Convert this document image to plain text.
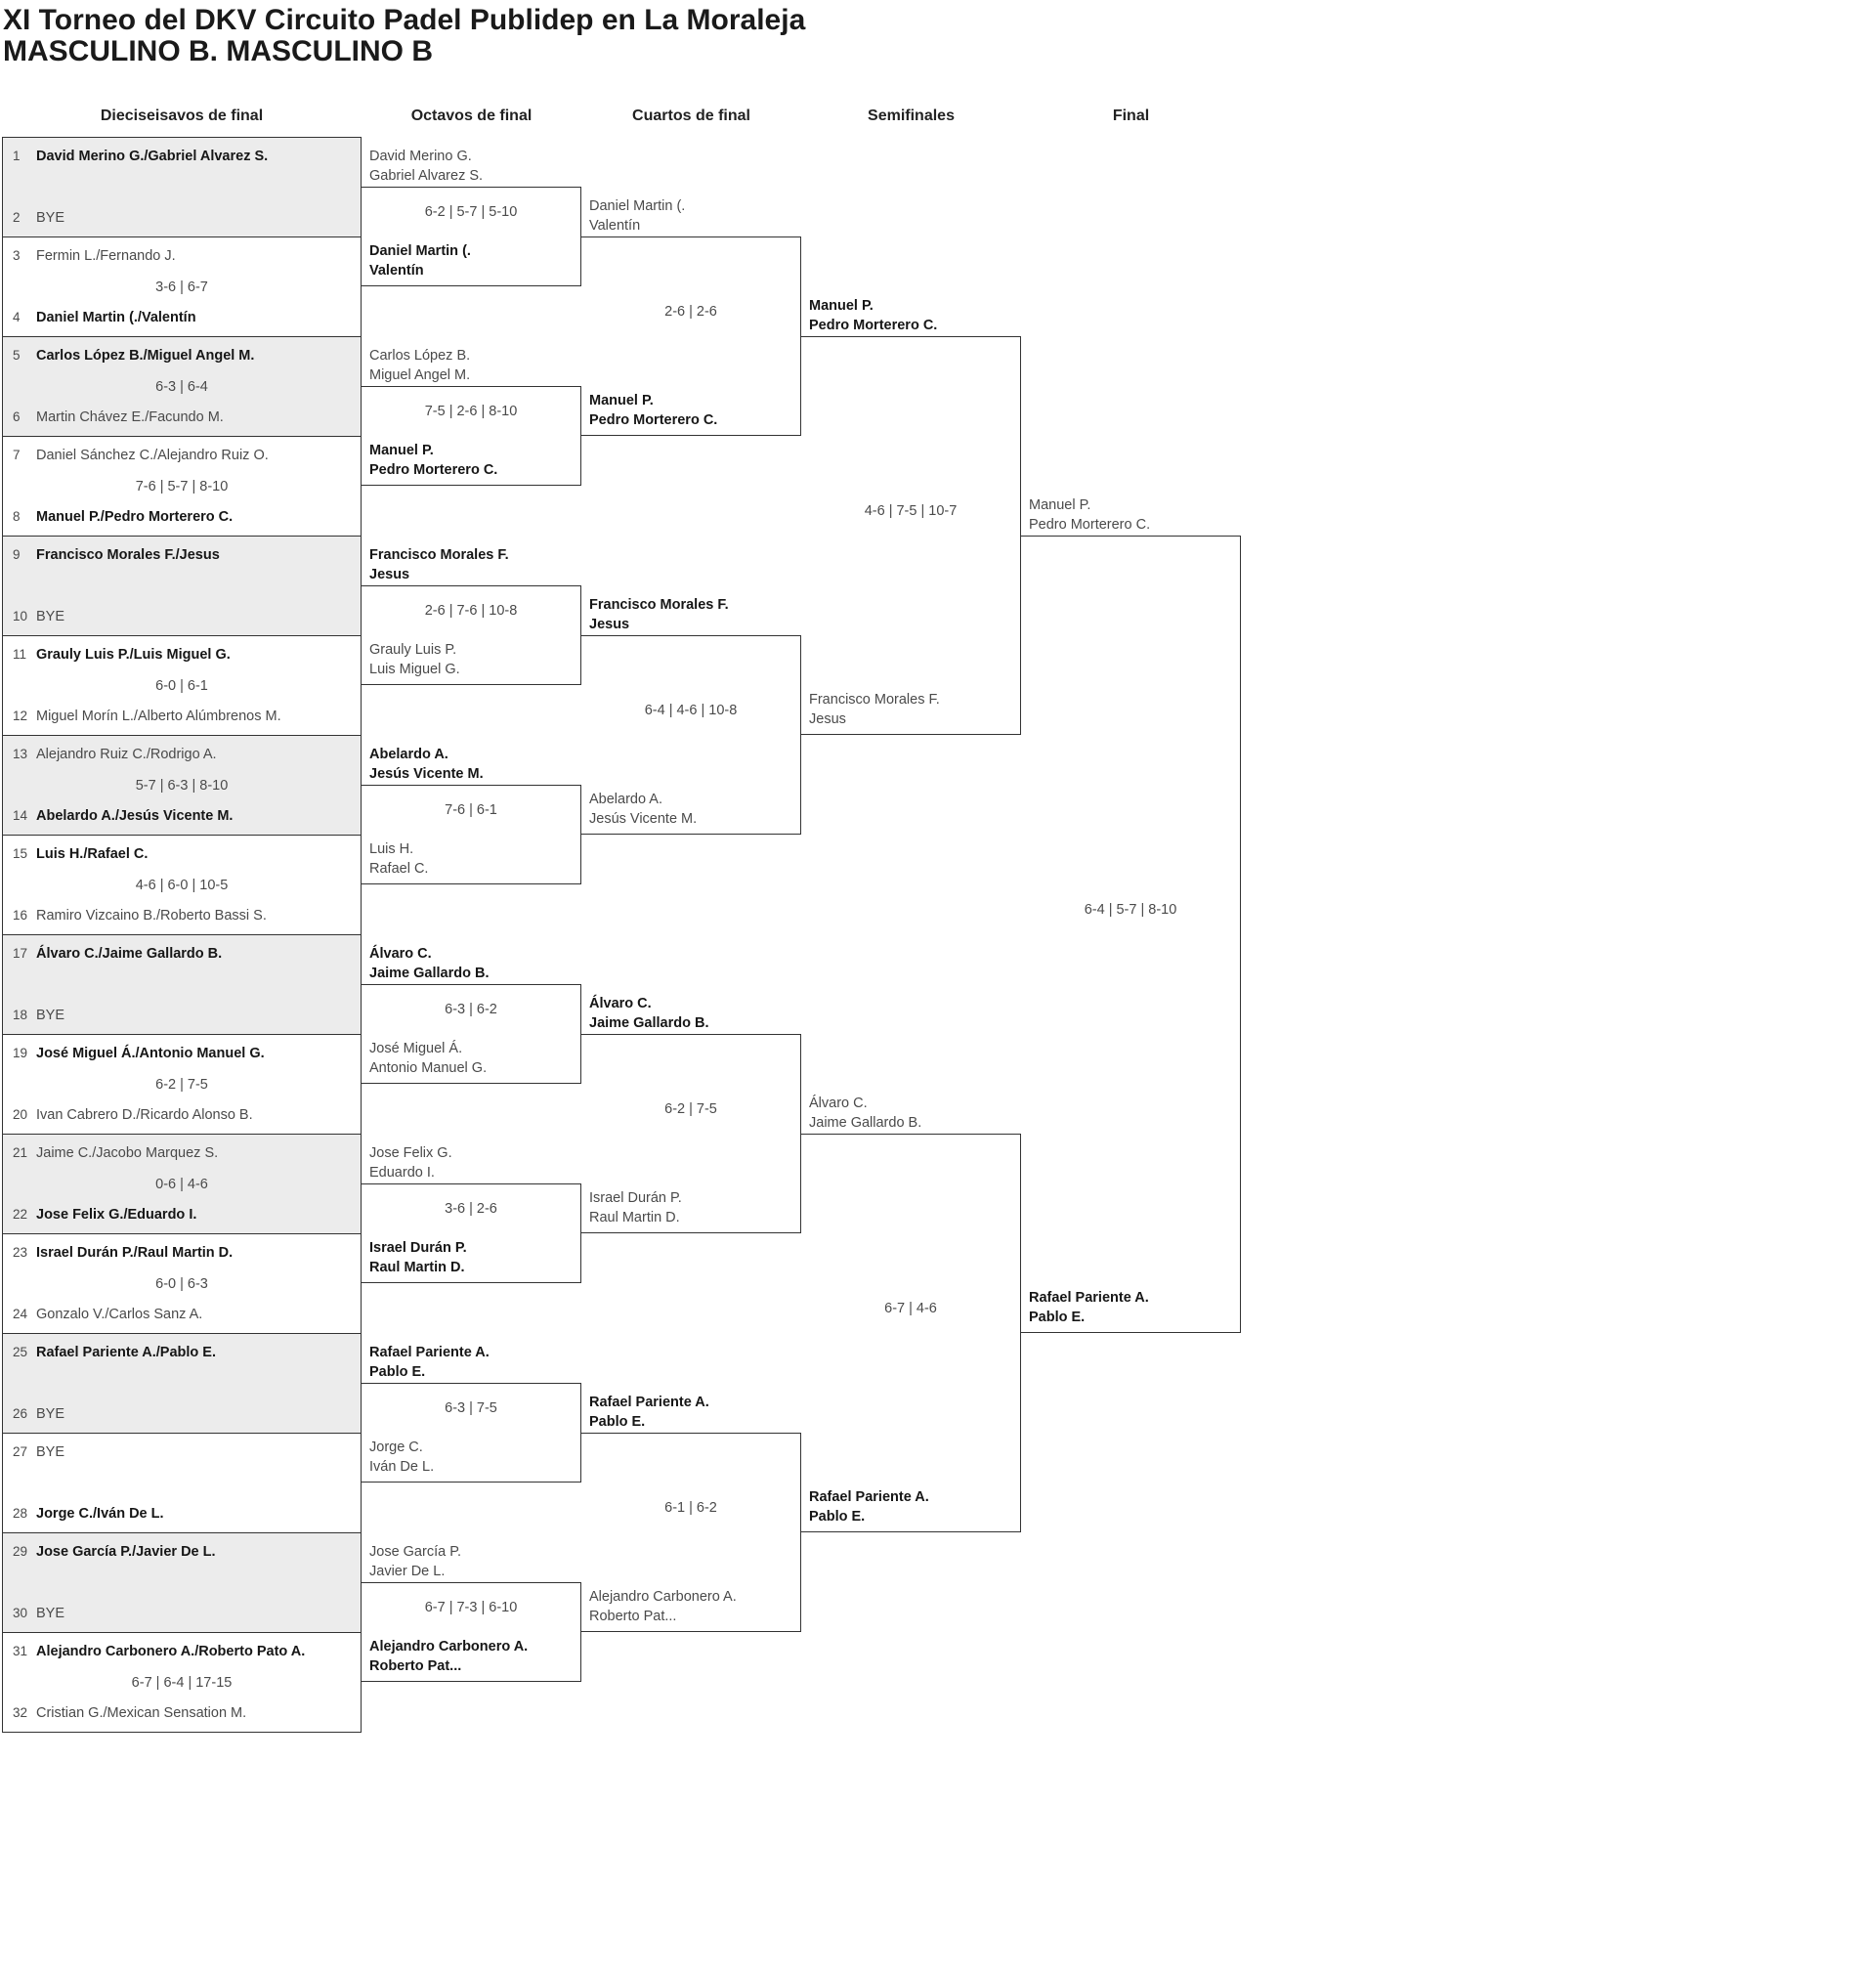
XI Torneo del DKV Circuito Padel Publidep en La Moraleja
MASCULINO B. MASCULINO B
Dieciseisavos de final	Octavos de final	Cuartos de final	Semifinales	Final
1 David Merino G./Gabriel Alvarez S.
2 BYE
3 Fermin L./Fernando J.
3-6 | 6-7
4 Daniel Martin (./Valentín
5 Carlos López B./Miguel Angel M.
6-3 | 6-4
6 Martin Chávez E./Facundo M.
7 Daniel Sánchez C./Alejandro Ruiz O.
7-6 | 5-7 | 8-10
8 Manuel P./Pedro Morterero C.
9 Francisco Morales F./Jesus
10 BYE
11 Grauly Luis P./Luis Miguel G.
6-0 | 6-1
12 Miguel Morín L./Alberto Alúmbrenos M.
13 Alejandro Ruiz C./Rodrigo A.
5-7 | 6-3 | 8-10
14 Abelardo A./Jesús Vicente M.
15 Luis H./Rafael C.
4-6 | 6-0 | 10-5
16 Ramiro Vizcaino B./Roberto Bassi S.
17 Álvaro C./Jaime Gallardo B.
18 BYE
19 José Miguel Á./Antonio Manuel G.
6-2 | 7-5
20 Ivan Cabrero D./Ricardo Alonso B.
21 Jaime C./Jacobo Marquez S.
0-6 | 4-6
22 Jose Felix G./Eduardo I.
23 Israel Durán P./Raul Martin D.
6-0 | 6-3
24 Gonzalo V./Carlos Sanz A.
25 Rafael Pariente A./Pablo E.
26 BYE
27 BYE
28 Jorge C./Iván De L.
29 Jose García P./Javier De L.
30 BYE
31 Alejandro Carbonero A./Roberto Pato A.
6-7 | 6-4 | 17-15
32 Cristian G./Mexican Sensation M.
David Merino G.
Gabriel Alvarez S.
6-2 | 5-7 | 5-10
Daniel Martin (.
Valentín
Carlos López B.
Miguel Angel M.
7-5 | 2-6 | 8-10
Manuel P.
Pedro Morterero C.
Francisco Morales F.
Jesus
2-6 | 7-6 | 10-8
Grauly Luis P.
Luis Miguel G.
Abelardo A.
Jesús Vicente M.
7-6 | 6-1
Luis H.
Rafael C.
Álvaro C.
Jaime Gallardo B.
6-3 | 6-2
José Miguel Á.
Antonio Manuel G.
Jose Felix G.
Eduardo I.
3-6 | 2-6
Israel Durán P.
Raul Martin D.
Rafael Pariente A.
Pablo E.
6-3 | 7-5
Jorge C.
Iván De L.
Jose García P.
Javier De L.
6-7 | 7-3 | 6-10
Alejandro Carbonero A.
Roberto Pat...
Daniel Martin (.
Valentín
2-6 | 2-6
Manuel P.
Pedro Morterero C.
Francisco Morales F.
Jesus
6-4 | 4-6 | 10-8
Abelardo A.
Jesús Vicente M.
Álvaro C.
Jaime Gallardo B.
6-2 | 7-5
Israel Durán P.
Raul Martin D.
Rafael Pariente A.
Pablo E.
6-1 | 6-2
Alejandro Carbonero A.
Roberto Pat...
Manuel P.
Pedro Morterero C.
4-6 | 7-5 | 10-7
Francisco Morales F.
Jesus
Álvaro C.
Jaime Gallardo B.
6-7 | 4-6
Rafael Pariente A.
Pablo E.
Manuel P.
Pedro Morterero C.
6-4 | 5-7 | 8-10
Rafael Pariente A.
Pablo E.
